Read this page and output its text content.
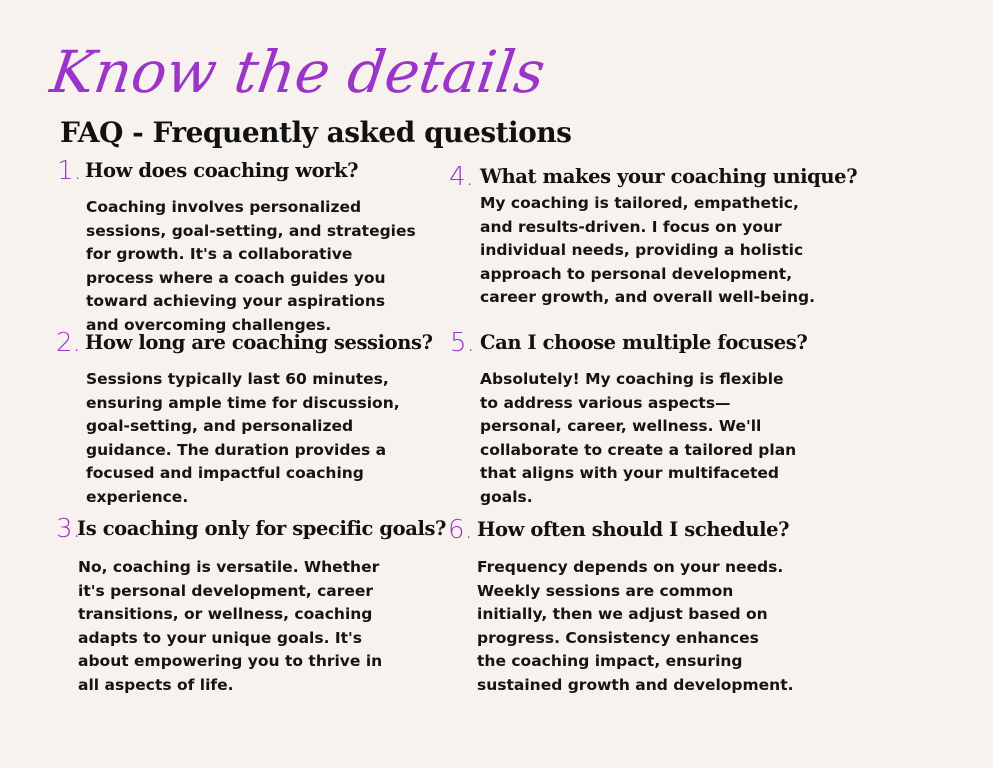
Know the details
FAQ - Frequently asked questions
1. How does coaching work?
Coaching involves personalized
sessions, goal-setting, and strategies
for growth. It's a collaborative
process where a coach guides you
toward achieving your aspirations
and overcoming challenges.
2. How long are coaching sessions?
Sessions typically last 60 minutes,
ensuring ample time for discussion,
goal-setting, and personalized
guidance. The duration provides a
focused and impactful coaching
experience.
3.
Is coaching only for specific goals?
No, coaching is versatile. Whether
it's personal development, career
transitions, or wellness, coaching
adapts to your unique goals. It's
about empowering you to thrive in
all aspects of life.
4. What makes your coaching unique?
My coaching is tailored, empathetic,
and results-driven. I focus on your
individual needs, providing a holistic
approach to personal development,
career growth, and overall well-being.
5. Can I choose multiple focuses?
Absolutely! My coaching is flexible
to address various aspects—
personal, career, wellness. We'll
collaborate to create a tailored plan
that aligns with your multifaceted
goals.
6. How often should I schedule?
Frequency depends on your needs.
Weekly sessions are common
initially, then we adjust based on
progress. Consistency enhances
the coaching impact, ensuring
sustained growth and development.
